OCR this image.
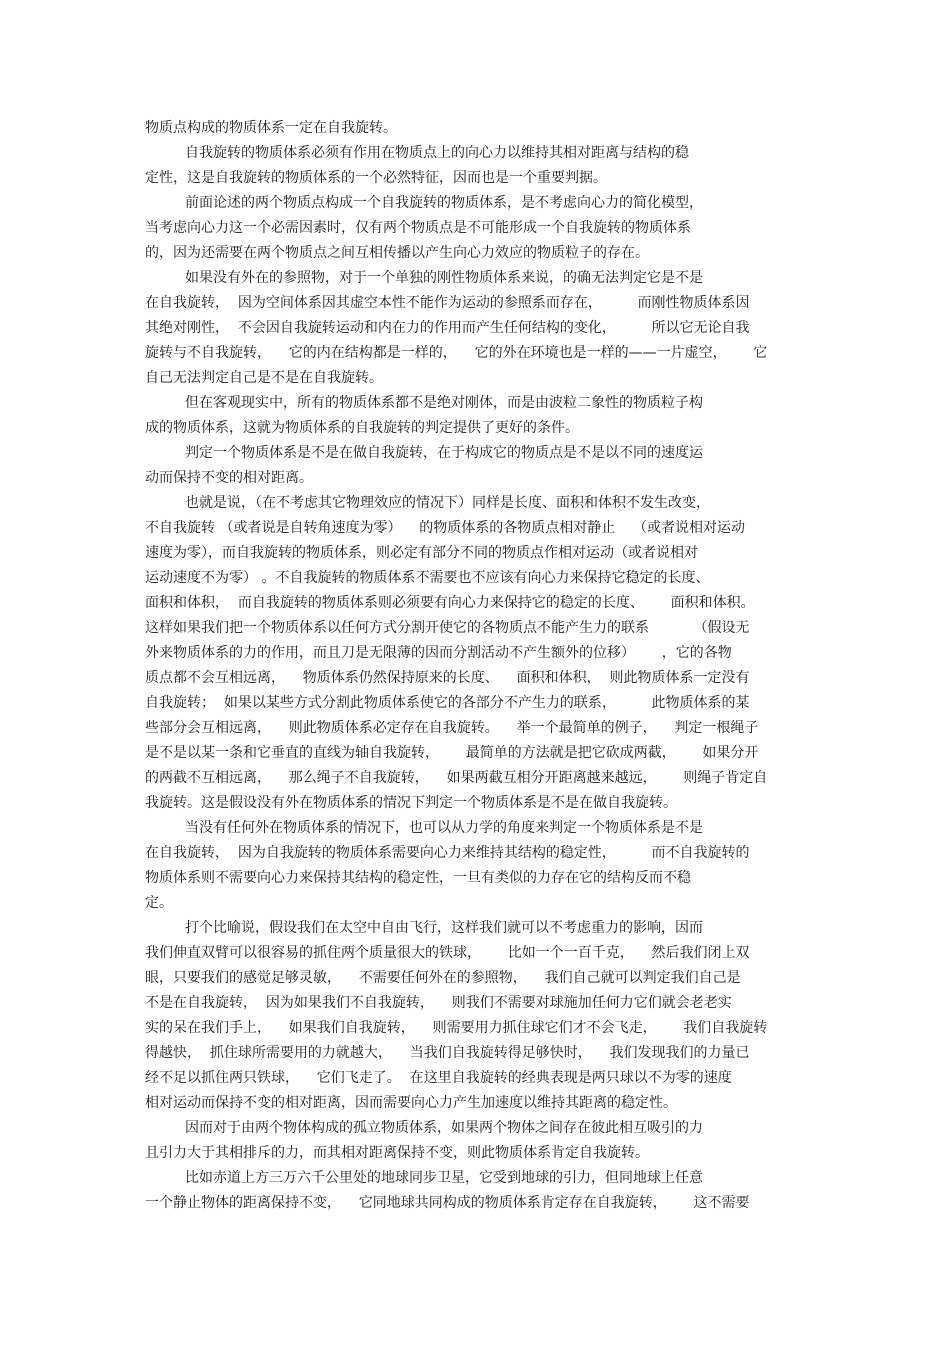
物质点构成的物质体系一定在自我旋转。
自我旋转的物质体系必须有作用在物质点上的向心力以维持其相对距离与结构的稳
定性，这是自我旋转的物质体系的一个必然特征，因而也是一个重要判据。
前面论述的两个物质点构成一个自我旋转的物质体系，是不考虑向心力的简化模型，
当考虑向心力这一个必需因素时，仅有两个物质点是不可能形成一个自我旋转的物质体系
的，因为还需要在两个物质点之间互相传播以产生向心力效应的物质粒子的存在。
如果没有外在的参照物，对于一个单独的刚性物质体系来说，的确无法判定它是不是
在自我旋转，  因为空间体系因其虚空本性不能作为运动的参照系而存在，        而刚性物质体系因
其绝对刚性，  不会因自我旋转运动和内在力的作用而产生任何结构的变化，        所以它无论自我
旋转与不自我旋转，    它的内在结构都是一样的，    它的外在环境也是一样的——一片虚空，      它
自己无法判定自己是不是在自我旋转。
但在客观现实中，所有的物质体系都不是绝对刚体，而是由波粒二象性的物质粒子构
成的物质体系，这就为物质体系的自我旋转的判定提供了更好的条件。
判定一个物质体系是不是在做自我旋转，在于构成它的物质点是不是以不同的速度运
动而保持不变的相对距离。
也就是说，（在不考虑其它物理效应的情况下）同样是长度、面积和体积不发生改变，
不自我旋转 （或者说是自转角速度为零）    的物质体系的各物质点相对静止    （或者说相对运动
速度为零），而自我旋转的物质体系，则必定有部分不同的物质点作相对运动（或者说相对
运动速度不为零） 。不自我旋转的物质体系不需要也不应该有向心力来保持它稳定的长度、
面积和体积，  而自我旋转的物质体系则必须要有向心力来保持它的稳定的长度、      面积和体积。
这样如果我们把一个物质体系以任何方式分割开使它的各物质点不能产生力的联系          （假设无
外来物质体系的力的作用，而且刀是无限薄的因而分割活动不产生额外的位移）      ，它的各物
质点都不会互相远离，    物质体系仍然保持原来的长度、    面积和体积，  则此物质体系一定没有
自我旋转；  如果以某些方式分割此物质体系使它的各部分不产生力的联系，        此物质体系的某
些部分会互相远离，    则此物质体系必定存在自我旋转。    举一个最简单的例子，    判定一根绳子
是不是以某一条和它垂直的直线为轴自我旋转，      最简单的方法就是把它砍成两截，      如果分开
的两截不互相远离，    那么绳子不自我旋转，    如果两截互相分开距离越来越远，      则绳子肯定自
我旋转。这是假设没有外在物质体系的情况下判定一个物质体系是不是在做自我旋转。
当没有任何外在物质体系的情况下，也可以从力学的角度来判定一个物质体系是不是
在自我旋转，  因为自我旋转的物质体系需要向心力来维持其结构的稳定性，        而不自我旋转的
物质体系则不需要向心力来保持其结构的稳定性，一旦有类似的力存在它的结构反而不稳
定。
打个比喻说，假设我们在太空中自由飞行，这样我们就可以不考虑重力的影响，因而
我们伸直双臂可以很容易的抓住两个质量很大的铁球，      比如一个一百千克，    然后我们闭上双
眼，只要我们的感觉足够灵敏，    不需要任何外在的参照物，    我们自己就可以判定我们自己是
不是在自我旋转，  因为如果我们不自我旋转，    则我们不需要对球施加任何力它们就会老老实
实的呆在我们手上，    如果我们自我旋转，    则需要用力抓住球它们才不会飞走，      我们自我旋转
得越快，  抓住球所需要用的力就越大，    当我们自我旋转得足够快时，    我们发现我们的力量已
经不足以抓住两只铁球，    它们飞走了。  在这里自我旋转的经典表现是两只球以不为零的速度
相对运动而保持不变的相对距离，因而需要向心力产生加速度以维持其距离的稳定性。
因而对于由两个物体构成的孤立物质体系，如果两个物体之间存在彼此相互吸引的力
且引力大于其相排斥的力，而其相对距离保持不变，则此物质体系肯定自我旋转。
比如赤道上方三万六千公里处的地球同步卫星，它受到地球的引力，但同地球上任意
一个静止物体的距离保持不变，    它同地球共同构成的物质体系肯定存在自我旋转，      这不需要
